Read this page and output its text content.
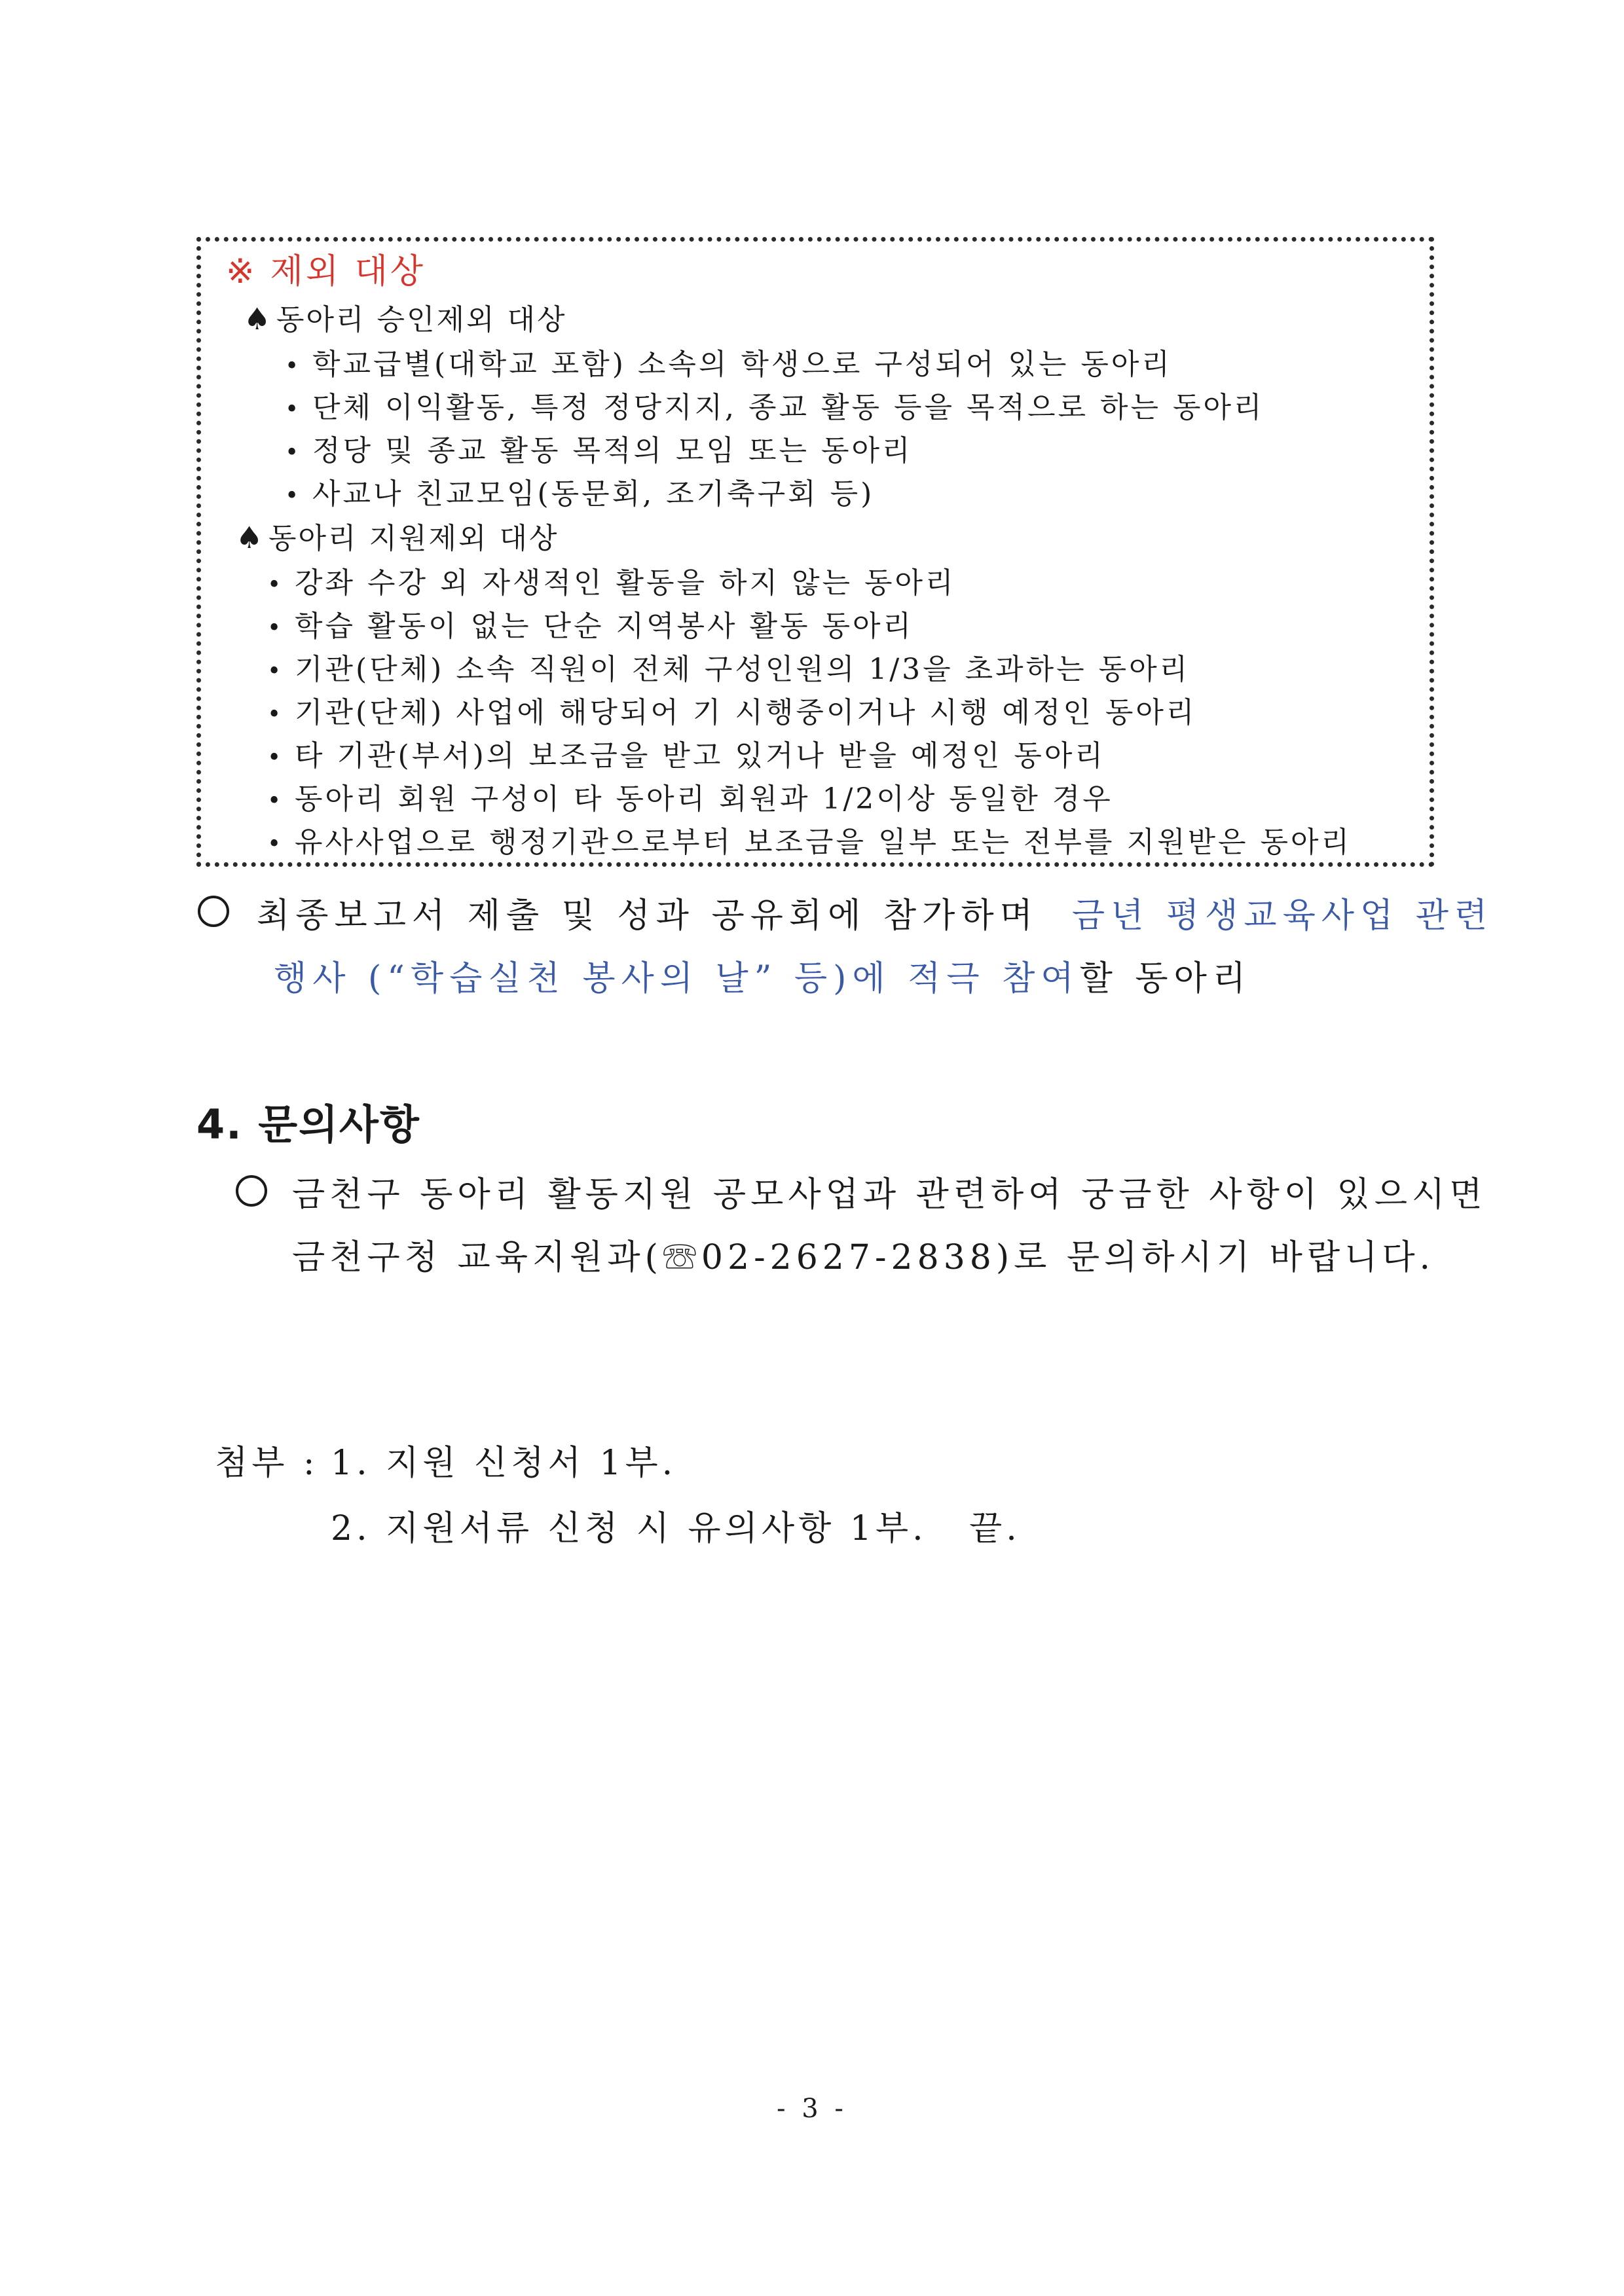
※ 제외 대상
♠ 동아리 승인제외 대상
• 학교급별(대학교 포함) 소속의 학생으로 구성되어 있는 동아리
• 단체 이익활동, 특정 정당지지, 종교 활동 등을 목적으로 하는 동아리
• 정당 및 종교 활동 목적의 모임 또는 동아리
• 사교나 친교모임(동문회, 조기축구회 등)
♠ 동아리 지원제외 대상
• 강좌 수강 외 자생적인 활동을 하지 않는 동아리
• 학습 활동이 없는 단순 지역봉사 활동 동아리
• 기관(단체) 소속 직원이 전체 구성인원의 1/3을 초과하는 동아리
• 기관(단체) 사업에 해당되어 기 시행중이거나 시행 예정인 동아리
• 타 기관(부서)의 보조금을 받고 있거나 받을 예정인 동아리
• 동아리 회원 구성이 타 동아리 회원과 1/2이상 동일한 경우
• 유사사업으로 행정기관으로부터 보조금을 일부 또는 전부를 지원받은 동아리
최종보고서 제출 및 성과 공유회에 참가하며 금년 평생교육사업 관련
행사 (“학습실천 봉사의 날” 등)에 적극 참여할 동아리
4. 문의사항
금천구 동아리 활동지원 공모사업과 관련하여 궁금한 사항이 있으시면
금천구청 교육지원과(☏02-2627-2838)로 문의하시기 바랍니다.
첨부 : 1. 지원 신청서 1부.
2. 지원서류 신청 시 유의사항 1부. 끝.
- 3 -
